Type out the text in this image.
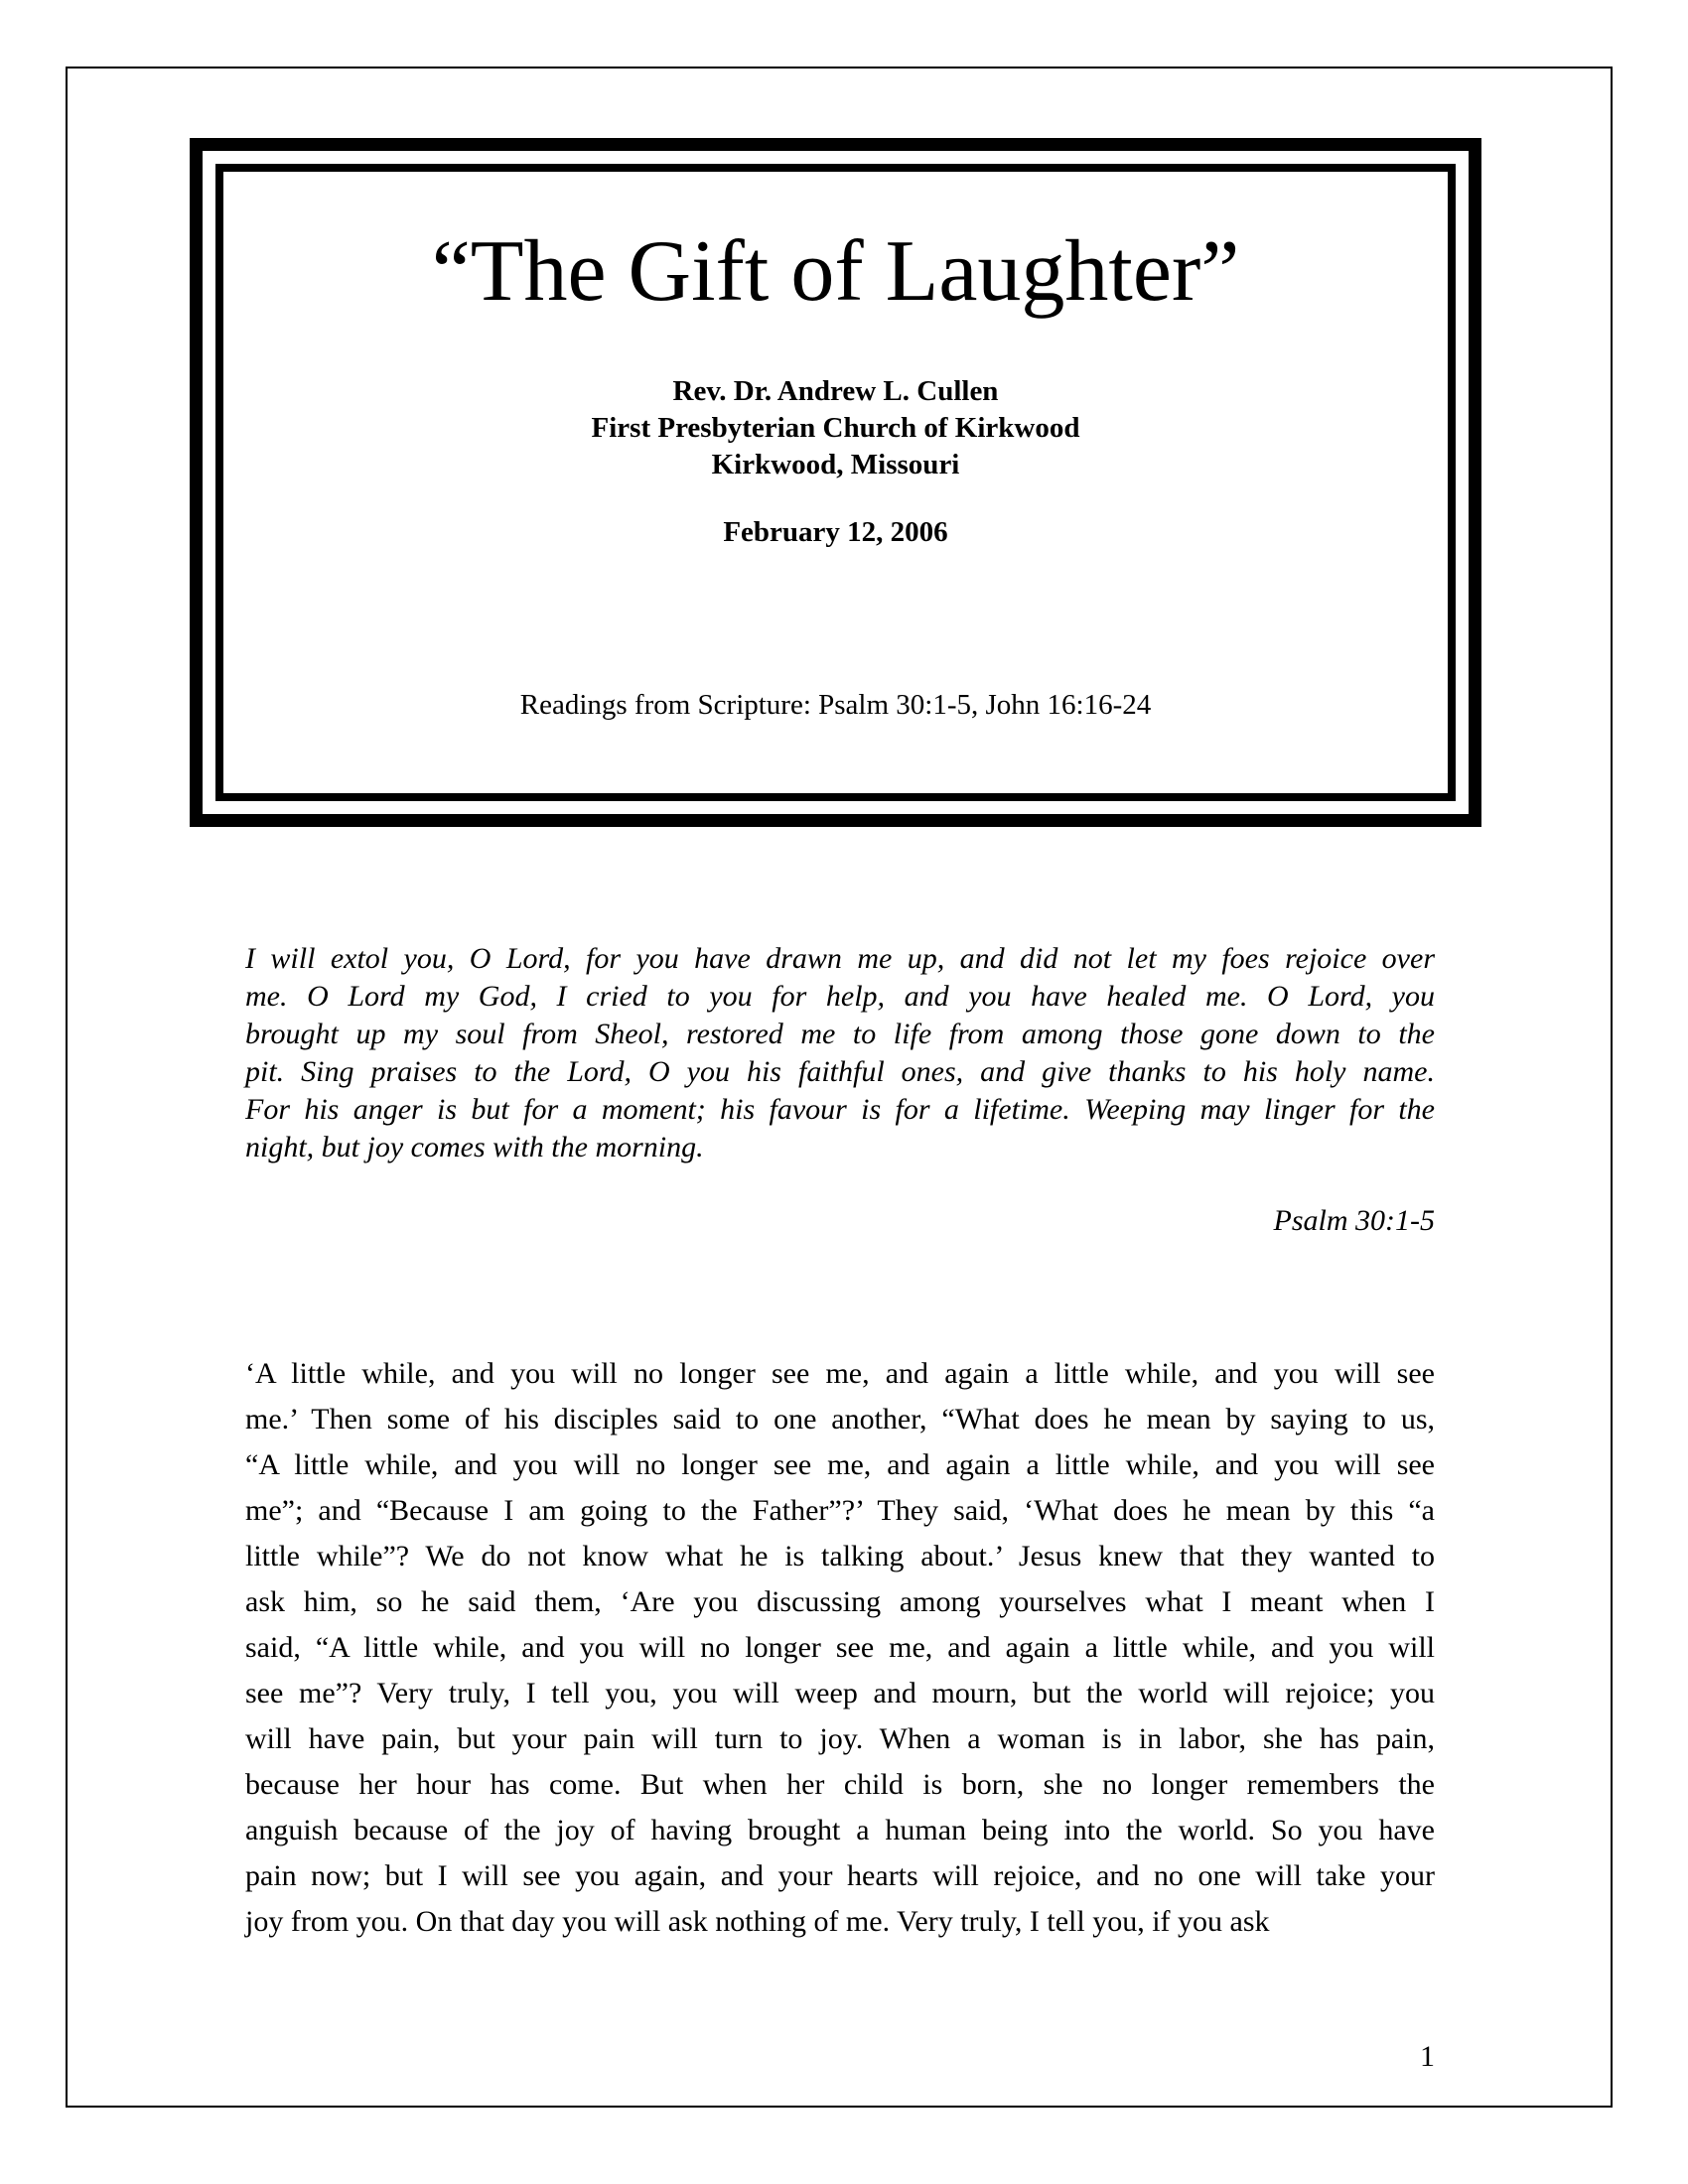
“The Gift of Laughter”
Rev. Dr. Andrew L. Cullen
First Presbyterian Church of Kirkwood
Kirkwood, Missouri
February 12, 2006
Readings from Scripture: Psalm 30:1-5, John 16:16-24
I will extol you, O Lord, for you have drawn me up, and did not let my foes rejoice over
me. O Lord my God, I cried to you for help, and you have healed me. O Lord, you
brought up my soul from Sheol, restored me to life from among those gone down to the
pit. Sing praises to the Lord, O you his faithful ones, and give thanks to his holy name.
For his anger is but for a moment; his favour is for a lifetime. Weeping may linger for the
night, but joy comes with the morning.
Psalm 30:1-5
‘A little while, and you will no longer see me, and again a little while, and you will see
me.’ Then some of his disciples said to one another, “What does he mean by saying to us,
“A little while, and you will no longer see me, and again a little while, and you will see
me”; and “Because I am going to the Father”?’ They said, ‘What does he mean by this “a
little while”? We do not know what he is talking about.’ Jesus knew that they wanted to
ask him, so he said them, ‘Are you discussing among yourselves what I meant when I
said, “A little while, and you will no longer see me, and again a little while, and you will
see me”? Very truly, I tell you, you will weep and mourn, but the world will rejoice; you
will have pain, but your pain will turn to joy. When a woman is in labor, she has pain,
because her hour has come. But when her child is born, she no longer remembers the
anguish because of the joy of having brought a human being into the world. So you have
pain now; but I will see you again, and your hearts will rejoice, and no one will take your
joy from you. On that day you will ask nothing of me. Very truly, I tell you, if you ask
1
